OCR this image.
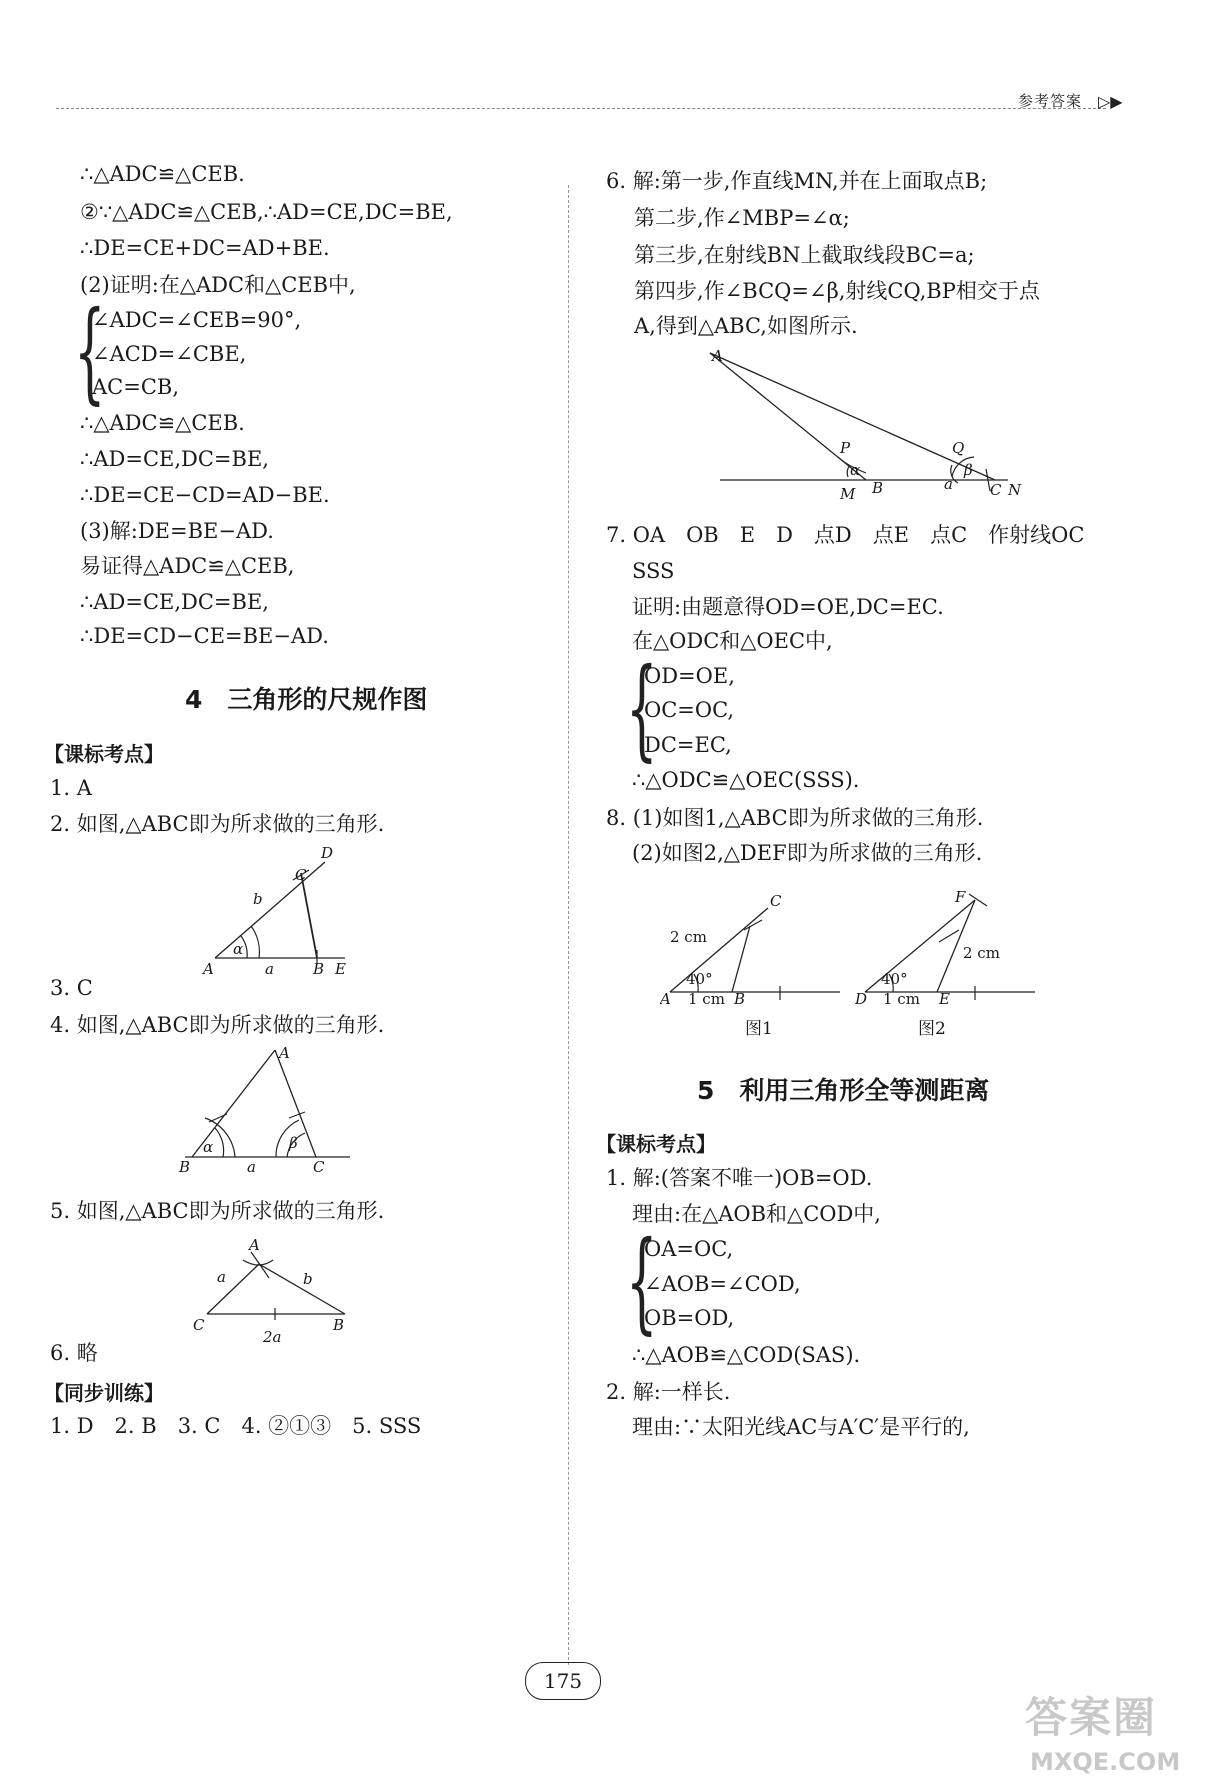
参考答案 ▷▶
∴△ADC≌△CEB.
②∵△ADC≌△CEB,∴AD=CE,DC=BE,
∴DE=CE+DC=AD+BE.
(2)证明:在△ADC和△CEB中,
{
∠ADC=∠CEB=90°,
∠ACD=∠CBE,
AC=CB,
∴△ADC≌△CEB.
∴AD=CE,DC=BE,
∴DE=CE−CD=AD−BE.
(3)解:DE=BE−AD.
易证得△ADC≌△CEB,
∴AD=CE,DC=BE,
∴DE=CD−CE=BE−AD.
4　三角形的尺规作图
【课标考点】
1. A
2. 如图,△ABC即为所求做的三角形.
D
C
b
α
A	a	B E
3. C
4. 如图,△ABC即为所求做的三角形.
A
α	β
B	a	C
5. 如图,△ABC即为所求做的三角形.
A
a	b
C
2a
B
6. 略
【同步训练】
1. D　2. B　3. C　4. ②①③　5. SSS
6. 解:第一步,作直线MN,并在上面取点B;
第二步,作∠MBP=∠α;
第三步,在射线BN上截取线段BC=a;
第四步,作∠BCQ=∠β,射线CQ,BP相交于点
A,得到△ABC,如图所示.
A
P	Q
α	β
M B	a C N
7. OA　OB　E　D　点D　点E　点C　作射线OC
SSS
证明:由题意得OD=OE,DC=EC.
在△ODC和△OEC中,
{
OD=OE,
OC=OC,
DC=EC,
∴△ODC≌△OEC(SSS).
8. (1)如图1,△ABC即为所求做的三角形.
(2)如图2,△DEF即为所求做的三角形.
C
2 cm
40°
A 1 cm B
F
2 cm
40°
D 1 cm E
图1	图2
5　利用三角形全等测距离
【课标考点】
1. 解:(答案不唯一)OB=OD.
理由:在△AOB和△COD中,
{
OA=OC,
∠AOB=∠COD,
OB=OD,
∴△AOB≌△COD(SAS).
2. 解:一样长.
理由:∵太阳光线AC与A′C′是平行的,
175
答案圈
MXQE.COM
